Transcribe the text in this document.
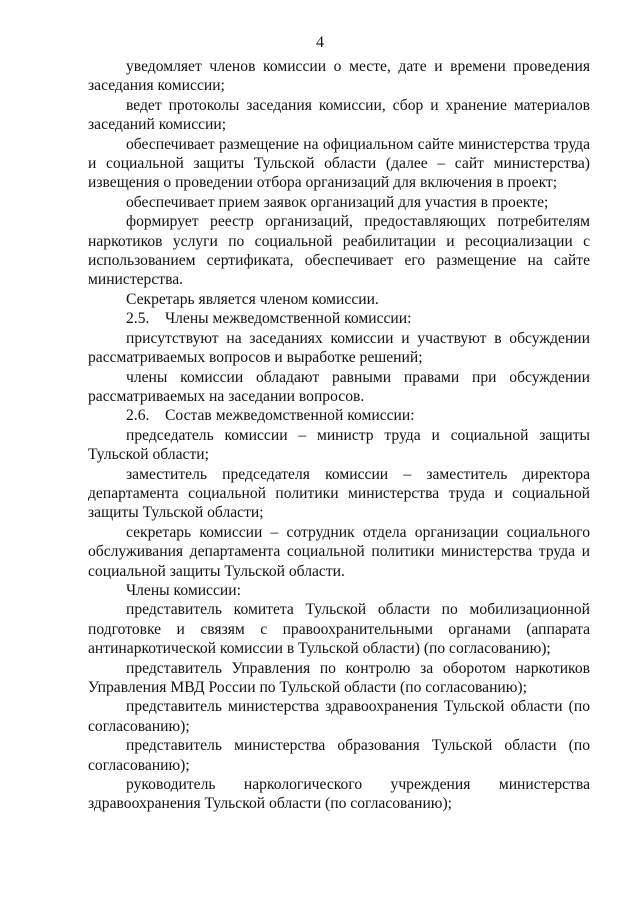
4

уведомляет членов комиссии о месте, дате и времени проведения заседания комиссии;

ведет протоколы заседания комиссии, сбор и хранение материалов заседаний комиссии;

обеспечивает размещение на официальном сайте министерства труда и социальной защиты Тульской области (далее – сайт министерства) извещения о проведении отбора организаций для включения в проект;

обеспечивает прием заявок организаций для участия в проекте;

формирует реестр организаций, предоставляющих потребителям наркотиков услуги по социальной реабилитации и ресоциализации с использованием сертификата, обеспечивает его размещение на сайте министерства.

Секретарь является членом комиссии.

2.5. Члены межведомственной комиссии:

присутствуют на заседаниях комиссии и участвуют в обсуждении рассматриваемых вопросов и выработке решений;

члены комиссии обладают равными правами при обсуждении рассматриваемых на заседании вопросов.

2.6. Состав межведомственной комиссии:

председатель комиссии – министр труда и социальной защиты Тульской области;

заместитель председателя комиссии – заместитель директора департамента социальной политики министерства труда и социальной защиты Тульской области;

секретарь комиссии – сотрудник отдела организации социального обслуживания департамента социальной политики министерства труда и социальной защиты Тульской области.

Члены комиссии:

представитель комитета Тульской области по мобилизационной подготовке и связям с правоохранительными органами (аппарата антинаркотической комиссии в Тульской области) (по согласованию);

представитель Управления по контролю за оборотом наркотиков Управления МВД России по Тульской области (по согласованию);

представитель министерства здравоохранения Тульской области (по согласованию);

представитель министерства образования Тульской области (по согласованию);

руководитель наркологического учреждения министерства здравоохранения Тульской области (по согласованию);
